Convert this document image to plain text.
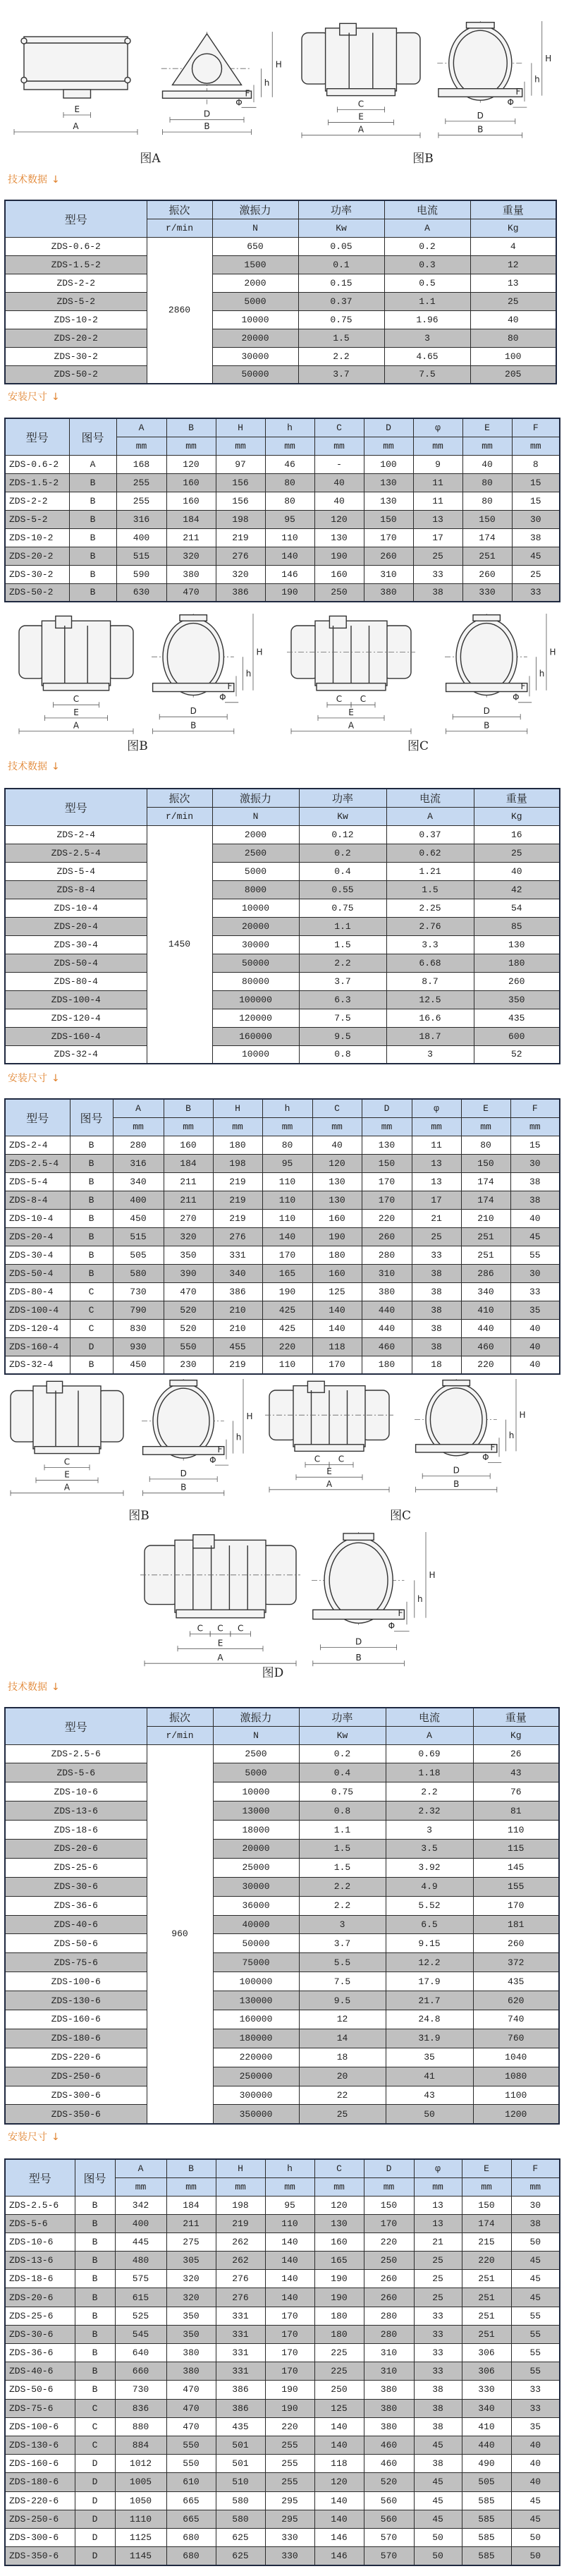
技术数据 ↓
安装尺寸 ↓
技术数据 ↓
安装尺寸 ↓
技术数据 ↓
安装尺寸 ↓
型号	振次	激振力	功率	电流	重量
	r/min	N	Kw	A	Kg
ZDS-0.6-2	2860	650	0.05	0.2	4
ZDS-1.5-2		1500	0.1	0.3	12
ZDS-2-2		2000	0.15	0.5	13
ZDS-5-2		5000	0.37	1.1	25
ZDS-10-2		10000	0.75	1.96	40
ZDS-20-2		20000	1.5	3	80
ZDS-30-2		30000	2.2	4.65	100
ZDS-50-2		50000	3.7	7.5	205
型号	振次	激振力	功率	电流	重量
	r/min	N	Kw	A	Kg
ZDS-2-4	1450	2000	0.12	0.37	16
ZDS-2.5-4		2500	0.2	0.62	25
ZDS-5-4		5000	0.4	1.21	40
ZDS-8-4		8000	0.55	1.5	42
ZDS-10-4		10000	0.75	2.25	54
ZDS-20-4		20000	1.1	2.76	85
ZDS-30-4		30000	1.5	3.3	130
ZDS-50-4		50000	2.2	6.68	180
ZDS-80-4		80000	3.7	8.7	260
ZDS-100-4		100000	6.3	12.5	350
ZDS-120-4		120000	7.5	16.6	435
ZDS-160-4		160000	9.5	18.7	600
ZDS-32-4		10000	0.8	3	52
型号	振次	激振力	功率	电流	重量
	r/min	N	Kw	A	Kg
ZDS-2.5-6	960	2500	0.2	0.69	26
ZDS-5-6		5000	0.4	1.18	43
ZDS-10-6		10000	0.75	2.2	76
ZDS-13-6		13000	0.8	2.32	81
ZDS-18-6		18000	1.1	3	110
ZDS-20-6		20000	1.5	3.5	115
ZDS-25-6		25000	1.5	3.92	145
ZDS-30-6		30000	2.2	4.9	155
ZDS-36-6		36000	2.2	5.52	170
ZDS-40-6		40000	3	6.5	181
ZDS-50-6		50000	3.7	9.15	260
ZDS-75-6		75000	5.5	12.2	372
ZDS-100-6		100000	7.5	17.9	435
ZDS-130-6		130000	9.5	21.7	620
ZDS-160-6		160000	12	24.8	740
ZDS-180-6		180000	14	31.9	760
ZDS-220-6		220000	18	35	1040
ZDS-250-6		250000	20	41	1080
ZDS-300-6		300000	22	43	1100
ZDS-350-6		350000	25	50	1200
型号	图号	A	B	H	h	C	D	φ	E	F
		mm	mm	mm	mm	mm	mm	mm	mm	mm
ZDS-0.6-2	A	168	120	97	46	-	100	9	40	8
ZDS-1.5-2	B	255	160	156	80	40	130	11	80	15
ZDS-2-2	B	255	160	156	80	40	130	11	80	15
ZDS-5-2	B	316	184	198	95	120	150	13	150	30
ZDS-10-2	B	400	211	219	110	130	170	17	174	38
ZDS-20-2	B	515	320	276	140	190	260	25	251	45
ZDS-30-2	B	590	380	320	146	160	310	33	260	25
ZDS-50-2	B	630	470	386	190	250	380	38	330	33
型号	图号	A	B	H	h	C	D	φ	E	F
		mm	mm	mm	mm	mm	mm	mm	mm	mm
ZDS-2-4	B	280	160	180	80	40	130	11	80	15
ZDS-2.5-4	B	316	184	198	95	120	150	13	150	30
ZDS-5-4	B	340	211	219	110	130	170	13	174	38
ZDS-8-4	B	400	211	219	110	130	170	17	174	38
ZDS-10-4	B	450	270	219	110	160	220	21	210	40
ZDS-20-4	B	515	320	276	140	190	260	25	251	45
ZDS-30-4	B	505	350	331	170	180	280	33	251	55
ZDS-50-4	B	580	390	340	165	160	310	38	286	30
ZDS-80-4	C	730	470	386	190	125	380	38	340	33
ZDS-100-4	C	790	520	210	425	140	440	38	410	35
ZDS-120-4	C	830	520	210	425	140	440	38	440	40
ZDS-160-4	D	930	550	455	220	118	460	38	460	40
ZDS-32-4	B	450	230	219	110	170	180	18	220	40
型号	图号	A	B	H	h	C	D	φ	E	F
		mm	mm	mm	mm	mm	mm	mm	mm	mm
ZDS-2.5-6	B	342	184	198	95	120	150	13	150	30
ZDS-5-6	B	400	211	219	110	130	170	13	174	38
ZDS-10-6	B	445	275	262	140	160	220	21	215	50
ZDS-13-6	B	480	305	262	140	165	250	25	220	45
ZDS-18-6	B	575	320	276	140	190	260	25	251	45
ZDS-20-6	B	615	320	276	140	190	260	25	251	45
ZDS-25-6	B	525	350	331	170	180	280	33	251	55
ZDS-30-6	B	545	350	331	170	180	280	33	251	55
ZDS-36-6	B	640	380	331	170	225	310	33	306	55
ZDS-40-6	B	660	380	331	170	225	310	33	306	55
ZDS-50-6	B	730	470	386	190	250	380	38	330	33
ZDS-75-6	C	836	470	386	190	125	380	38	340	33
ZDS-100-6	C	880	470	435	220	140	380	38	410	35
ZDS-130-6	C	884	550	501	255	140	460	45	440	40
ZDS-160-6	D	1012	550	501	255	118	460	38	490	40
ZDS-180-6	D	1005	610	510	255	120	520	45	505	40
ZDS-220-6	D	1050	665	580	295	140	560	45	585	45
ZDS-250-6	D	1110	665	580	295	140	560	45	585	45
ZDS-300-6	D	1125	680	625	330	146	570	50	585	50
ZDS-350-6	D	1145	680	625	330	146	570	50	585	50
E
A
H
h
F
Φ
D
B
图A
C
E
A
H
h
F
Φ
D
B
图B
C
E
A
H
h
F
Φ
D
B
图B
C C
E
A
H
h
F
Φ
D
B
图C
C
E
A
H
h
F
Φ
D
B
图B
C C
E
A
H
h
F
Φ
D
B
图C
C C C
E
A
H
h
F
Φ
D
B
图D
